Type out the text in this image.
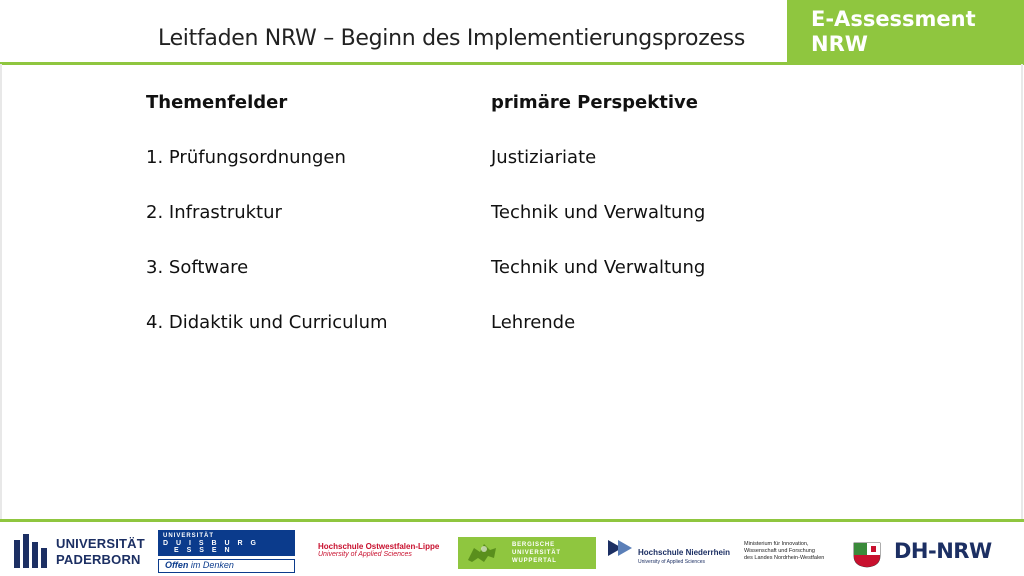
Leitfaden NRW – Beginn des Implementierungsprozess
E-Assessment
NRW
Themenfelder	primäre Perspektive
1. Prüfungsordnungen	Justiziariate
2. Infrastruktur	Technik und Verwaltung
3. Software	Technik und Verwaltung
4. Didaktik und Curriculum	Lehrende
UNIVERSITÄT
PADERBORN
UNIVERSITÄT
D U I S B U R G
E S S E N
Offen im Denken
Hochschule Ostwestfalen-Lippe
University of Applied Sciences
BERGISCHE
UNIVERSITÄT
WUPPERTAL
Hochschule Niederrhein
University of Applied Sciences
Ministerium für Innovation,
Wissenschaft und Forschung
des Landes Nordrhein-Westfalen	DH-NRW
